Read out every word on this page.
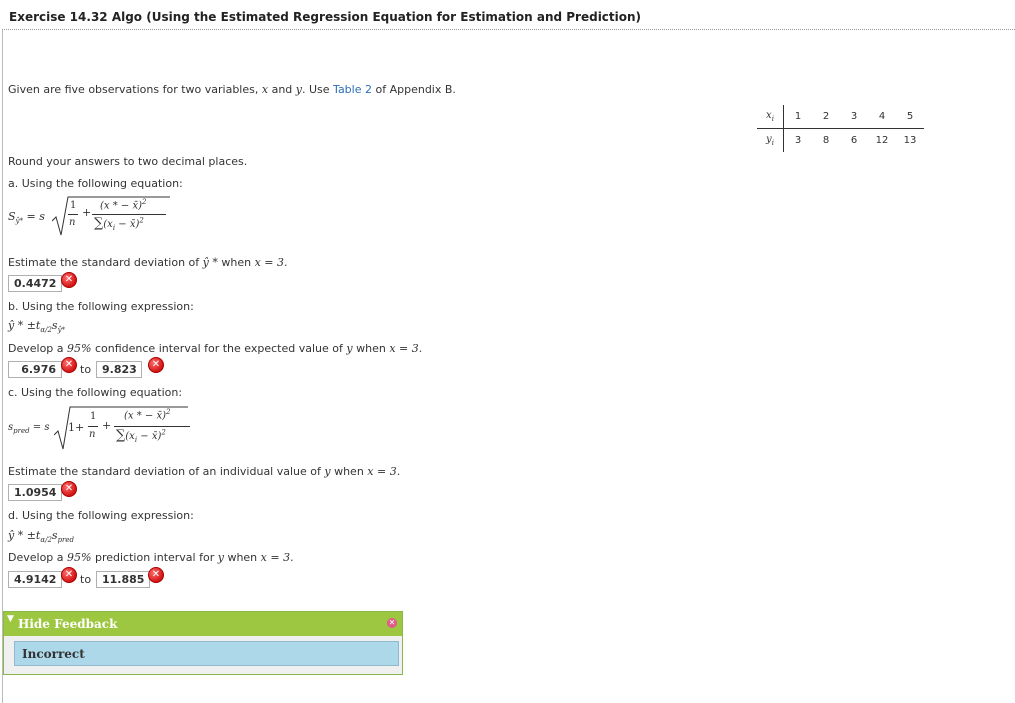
Exercise 14.32 Algo (Using the Estimated Regression Equation for Estimation and Prediction)
Given are five observations for two variables, x and y. Use Table 2 of Appendix B.
$x_i$	1	2	3	4	5
$y_i$	3	8	6	12	13
Round your answers to two decimal places.
a. Using the following equation:
$S_{ŷ*} = s$
1
n
+
(x * − x̄)$^2$
$\sum(x_i$ − x̄)$^2$
Estimate the standard deviation of ŷ * when x = 3.
0.4472 ✕
b. Using the following expression:
ŷ * $\pm t_{\alpha/2}s_{ŷ*}$
Develop a 95% confidence interval for the expected value of y when x = 3.
6.976 ✕ to 9.823	✕
c. Using the following equation:
$s_{pred} = s$ 1+
1
n
+
(x * − x̄)$^2$
$\sum(x_i$ − x̄)$^2$
Estimate the standard deviation of an individual value of y when x = 3.
1.0954 ✕
d. Using the following expression:
ŷ * $\pm t_{\alpha/2}s_{pred}$
Develop a 95% prediction interval for y when x = 3.
4.9142 ✕ to 11.885 ✕
▼ Hide Feedback	✕
Incorrect
